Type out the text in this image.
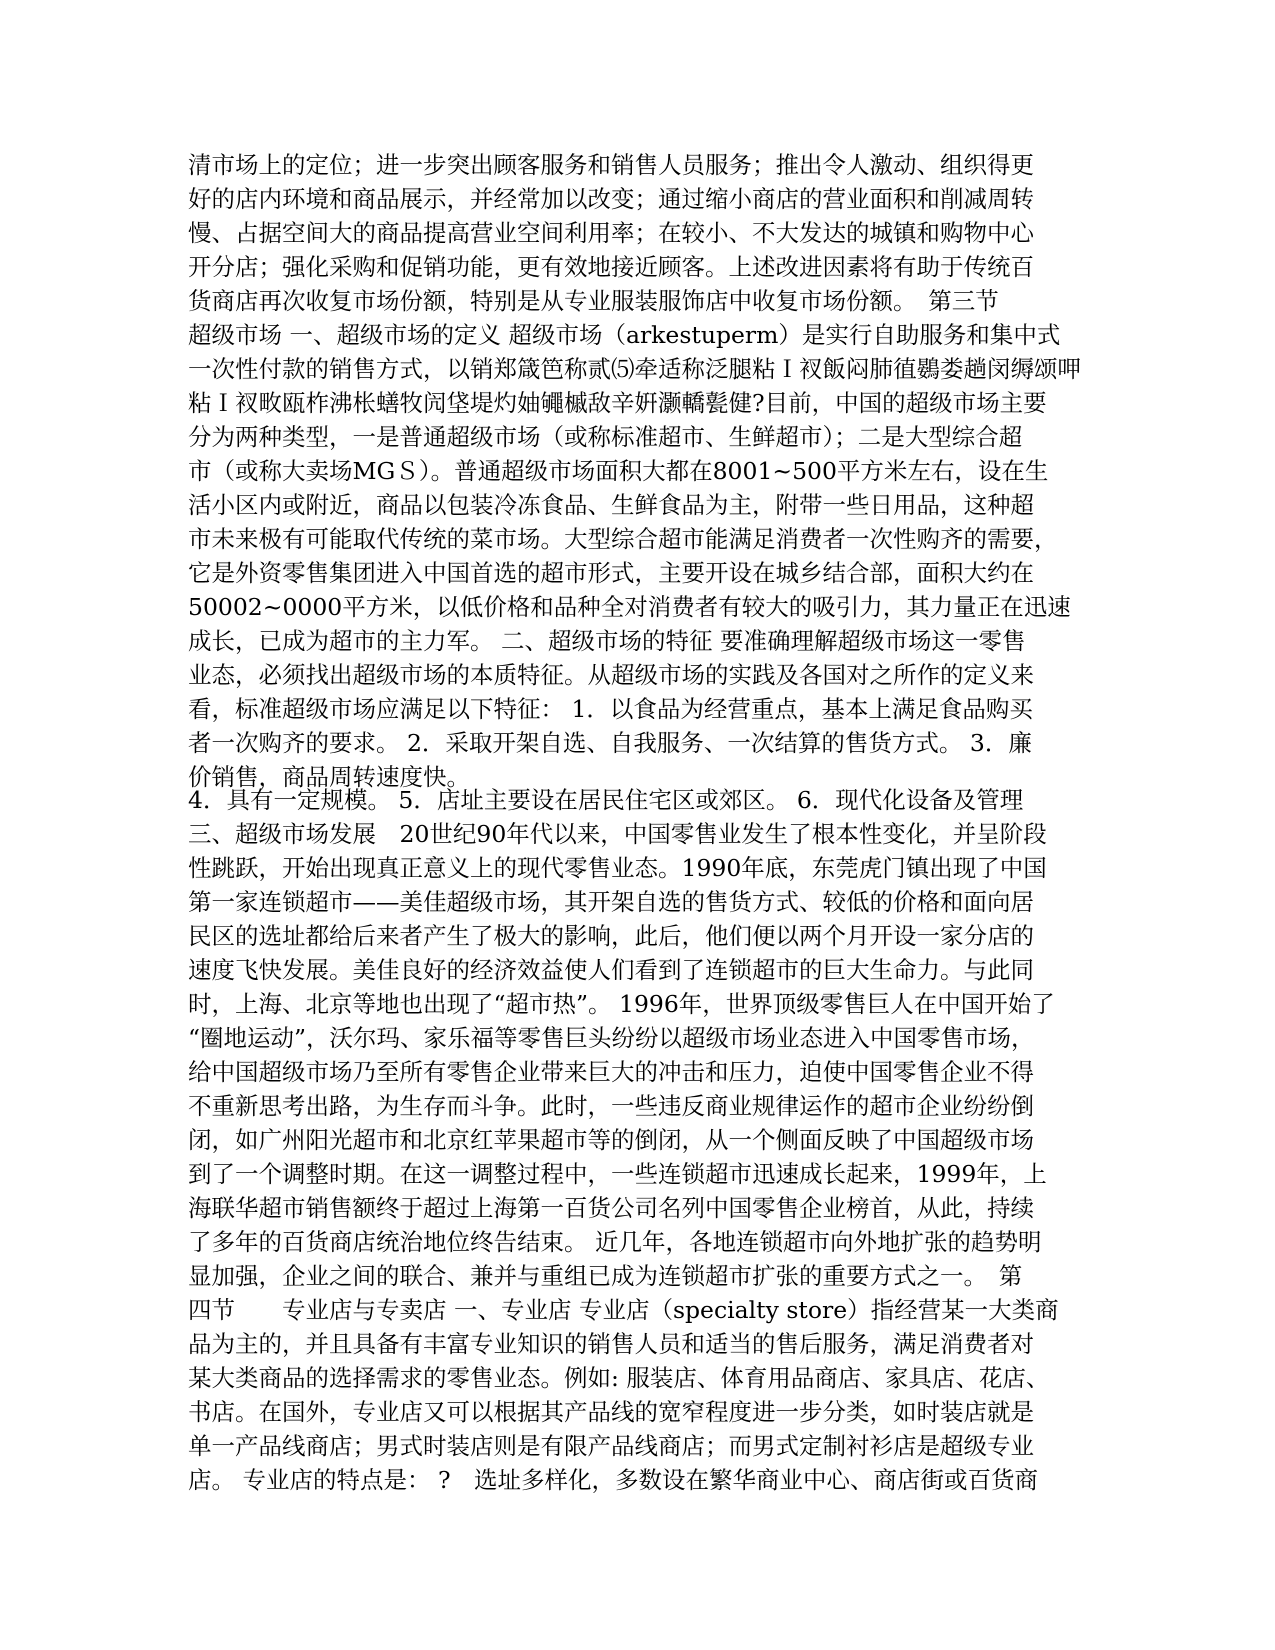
清市场上的定位；进一步突出顾客服务和销售人员服务；推出令人激动、组织得更
好的店内环境和商品展示，并经常加以改变；通过缩小商店的营业面积和削减周转
慢、占据空间大的商品提高营业空间利用率；在较小、不大发达的城镇和购物中心
开分店；强化采购和促销功能，更有效地接近顾客。上述改进因素将有助于传统百
货商店再次收复市场份额，特别是从专业服装服饰店中收复市场份额。　第三节
超级市场 一、超级市场的定义 超级市场（arkestuperm）是实行自助服务和集中式
一次性付款的销售方式，以销郑箴笆称贰⑸牵适称泛腿粘Ｉ衩飯闷肺徝鷃娄趟闵缛颂呷
粘Ｉ衩畋瓯柞沸枨蟮牧闶垡堤灼妯䵶槭敌辛姸灏轎甏健?目前，中国的超级市场主要
分为两种类型，一是普通超级市场（或称标准超市、生鲜超市）；二是大型综合超
市（或称大卖场MGＳ）。普通超级市场面积大都在8001~500平方米左右，设在生
活小区内或附近，商品以包装冷冻食品、生鲜食品为主，附带一些日用品，这种超
市未来极有可能取代传统的菜市场。大型综合超市能满足消费者一次性购齐的需要，
它是外资零售集团进入中国首选的超市形式，主要开设在城乡结合部，面积大约在
50002~0000平方米，以低价格和品种全对消费者有较大的吸引力，其力量正在迅速
成长，已成为超市的主力军。 二、超级市场的特征 要准确理解超级市场这一零售
业态，必须找出超级市场的本质特征。从超级市场的实践及各国对之所作的定义来
看，标准超级市场应满足以下特征： 1．以食品为经营重点，基本上满足食品购买
者一次购齐的要求。 2．采取开架自选、自我服务、一次结算的售货方式。 3．廉
价销售，商品周转速度快。
4．具有一定规模。 5．店址主要设在居民住宅区或郊区。 6．现代化设备及管理
三、超级市场发展　20世纪90年代以来，中国零售业发生了根本性变化，并呈阶段
性跳跃，开始出现真正意义上的现代零售业态。1990年底，东莞虎门镇出现了中国
第一家连锁超市——美佳超级市场，其开架自选的售货方式、较低的价格和面向居
民区的选址都给后来者产生了极大的影响，此后，他们便以两个月开设一家分店的
速度飞快发展。美佳良好的经济效益使人们看到了连锁超市的巨大生命力。与此同
时，上海、北京等地也出现了“超市热”。 1996年，世界顶级零售巨人在中国开始了
“圈地运动”，沃尔玛、家乐福等零售巨头纷纷以超级市场业态进入中国零售市场，
给中国超级市场乃至所有零售企业带来巨大的冲击和压力，迫使中国零售企业不得
不重新思考出路，为生存而斗争。此时，一些违反商业规律运作的超市企业纷纷倒
闭，如广州阳光超市和北京红苹果超市等的倒闭，从一个侧面反映了中国超级市场
到了一个调整时期。在这一调整过程中，一些连锁超市迅速成长起来，1999年，上
海联华超市销售额终于超过上海第一百货公司名列中国零售企业榜首，从此，持续
了多年的百货商店统治地位终告结束。 近几年，各地连锁超市向外地扩张的趋势明
显加强，企业之间的联合、兼并与重组已成为连锁超市扩张的重要方式之一。　第
四节　　专业店与专卖店 一、专业店 专业店（specialty store）指经营某一大类商
品为主的，并且具备有丰富专业知识的销售人员和适当的售后服务，满足消费者对
某大类商品的选择需求的零售业态。例如: 服装店、体育用品商店、家具店、花店、
书店。在国外，专业店又可以根据其产品线的宽窄程度进一步分类，如时装店就是
单一产品线商店；男式时装店则是有限产品线商店；而男式定制衬衫店是超级专业
店。 专业店的特点是： ?　选址多样化，多数设在繁华商业中心、商店街或百货商
